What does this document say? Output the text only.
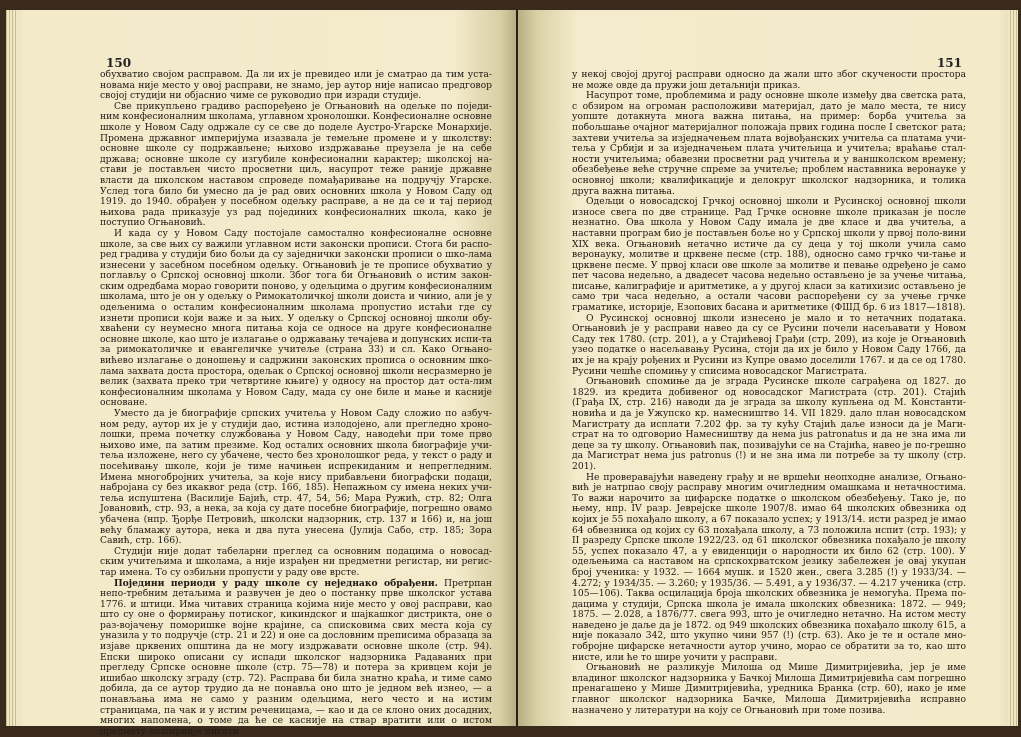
150

обухватио својом расправом. Да ли их је превидео или је сматрао да тим уста-новама није место у овој расправи, не знамо, јер аутор није написао предговор својој студији ни објаснио чиме се руководио при изради студије.

Све прикупљено градиво распоређено је Огњановић на одељке по поједи-ним конфесионалним школама, углавном хронолошки. Конфесионалне основне школе у Новом Саду одржале су се све до поделе Аустро-Угарске Монархије. Промена државног империјума изазвала је темељне промене и у школству: основне школе су подржављене; њихово издржавање преузела је на себе држава; основне школе су изгубиле конфесионални карактер; школској на-стави је постављен чисто просветни циљ, насупрот теже ранијe државне власти да школском наставом спроведе помађаривање на подручју Угарске. Услед тога било би умесно да је рад ових основних школа у Новом Саду од 1919. до 1940. обрађен у посебном одељку расправе, а не да се и тај период њихова рада приказује уз рад појединих конфесионалних школа, како је поступио Огњановић.

И када су у Новом Саду постојале самостално конфесионалне основне школе, за све њих су важили углавном исти законски прописи. Стога би распо-ред градива у студији био бољи да су заједнички законски прописи о шко-лама изнесени у засебном посебном одељку. Огњановић је те прописе обухватио у поглављу о Српској основној школи. Због тога би Огњановић о истим закон-ским одредбама морао говорити поново, у одељцима о другим конфесионалним школама, што је он у одељку о Римокатоличкој школи доиста и чинио, али је у одељенима о осталим конфесионалним школама пропустио истаћи где су изнети прописи који важе и за њих. У одељку о Српској основној школи обу-хваћени су неумесно многа питања која се односе на друге конфесионалне основне школе, као што је излагање о одржавању течајева и допунских испи-та за римокатоличке и евангеличке учитеље (страна 33) и сл. Како Огњано-вићево излагање о доношењу и садржини законских прописа о основним шко-лама захвата доста простора, одељак о Српској основној школи несразмерно је велик (захвата преко три четвртине књиге) у односу на простор дат оста-лим конфесионалним школама у Новом Саду, мада су оне биле и мање и касније основане.

Уместо да је биографије српских учитеља у Новом Саду сложио по азбуч-ном реду, аутор их је у студији дао, истина излодојено, али прегледно хроно-лошки, према почетку службовања у Новом Саду, наводећи при томе прво њихово име, па затим презиме. Код осталих основних школа биографије учи-теља изложене, него су убачене, често без хронолошког реда, у текст о раду и посећивању школе, који је тиме начињен испрекиданим и непрегледним. Имена многобројних учитеља, за које нису прибављени биографски подаци, набројана су без икаквог реда (стр. 166, 185). Непажњом су имена неких учи-теља испуштена (Василије Бајић, стр. 47, 54, 56; Мара Ружић, стр. 82; Олга Јовановић, стр. 93, а нека, за која су дате посебне биографије, погрешно овамо убачена (нпр. Ђорђе Петровић, школски надзорник, стр. 137 и 166) и, на још већу бламажу аутора, нека и два пута унесена (Јулија Сабо, стр. 185; Зора Савић, стр. 166).

Студији није додат табеларни преглед са основним подацима о новосад-ским учитељима и школама, а није израђен ни предметни регистар, ни регис-тар имена. То су озбиљни пропусти у раду ове врсте.

Поједини периоди у раду школе су неједнако обрађени. Претрпан непо-требним детаљима и развучен је део о постанку прве школског устава 1776. и штици. Има читавих страница којима није место у овој расправи, као што су оне о формирању потиског, кикиндског и шајкашког дистрикта, оне о раз-војачењу поморишке војне крајине, са списковима свих места која су уназила у то подручје (стр. 21 и 22) и оне са дословним преписима образаца за изјаве црквених општина да не могу издржавати основне школе (стр. 94). Епски широко описани су испади школског надзорника Радаваних при прегледу Српске основне школе (стр. 75—78) и потера за кривцем који је ишибао школску зграду (стр. 72). Расправа би била знатно краћа, и тиме само добила, да се аутор трудио да не понавља оно што је једном већ изнео, — а понављања има не само у разним одељцима, него честo и на истим страницама, па чак и у истим реченицама, — као и да се клоно оних досадних, многих напомена, о томе да ће се касније на ствар вратити или о истом предмету опширније писати

151

у некој својој другој расправи односно да жали што због скучености простора не може овде да пружи још детаљнији приказ.

Насупрот томе, проблемима и раду основне школе између два светска рата, с обзиром на огроман расположиви материјал, дато је мало места, те нису уопште дотакнута многа важна питања, на пример: борба учитеља за побољшање очајног материјалног положаја првих година после I светског рата; захтеви учитеља за изједначењем плата војвођанских учитеља са платама учи-теља у Србији и за изједначењем плата учитељица и учитеља; враћање стал-ности учитељима; обавезни просветни рад учитеља и у ваншколском времену; обезбеђење веће стручне спреме за учитеље; проблем наставника веронауке у основној школи; квалификације и делокруг школског надзорника, и толика друга важна питања.

Одељци о новосадској Грчкој основној школи и Русинској основној школи износе свега по две странице. Рад Грчке основне школе приказан је после незнатно. Ова школа у Новом Саду имала је две класе и два учитеља, а наставни програм био је постављен боље но у Српској школи у првој поло-вини XIX века. Огњановић нетачно истиче да су деца у тој школи учила само веронауку, молитве и црквене песме (стр. 188), односно само грчко чи-тање и црквене песме. У првој класи ове школе за молитве и певање одређено је само пет часова недељно, а двадесет часова недељно остављено је за учење читања, писање, калиграфије и аритметике, а у другој класи за катихизис остављено је само три часа недељно, а остали часови распоређени су за учење грчке граматике, историје, Езопових басана и аритметике (ФШД бр. 6 из 1817—1818).

О Русинској основној школи изнесено је мало и то нетачних података. Огњановић је у расправи навео да су се Русини почели насељавати у Новом Саду тек 1780. (стр. 201), а у Стајићевој Грађи (стр. 209), из које је Огњановић узео податке о насељавању Русина, стоји да их је било у Новом Саду 1766, да их је на крају рођених и Русини из Купре овамо доселили 1767. и да се од 1780. Русини чешће спомињу у списима новосадског Магистрата.

Огњановић спомиње да је зграда Русинске школе саграђена од 1827. до 1829. из кредита добивеног од новосадског Магистрата (стр. 201). Стајић (Грађа IX, стр. 216) наводи да је зграда за школу купљена од М. Константи-новића и да је Ужупско кр. намесништво 14. VII 1829. дало план новосадском Магистрату да исплати 7.202 фр. за ту кућу Стајић даље износи да је Маги-страт на то одговорио Намесништву да нема jus patronatus и да не зна има ли деце за ту школу. Огњановић пак, позивајући се на Стајића, навео је по-грешно да Магистрат нема jus patronus (!) и не зна има ли потребе за ту школу (стр. 201).

Не проверавајући наведену грађу и не вршећи неопходне анализе, Огњано-вић је натрпао своју расправу многим очигледним омашкама и нетачностима. То важи нарочито за цифарске податке о школском обезбеђењу. Тако је, по њему, нпр. IV разр. Јеврејске школе 1907/8. имао 64 школских обвезника од којих је 55 похађало школу, а 67 показало успех; у 1913/14. исти разред је имао 64 обвезника од којих су 63 похађала школу, а 73 положила испит (стр. 193); у II разреду Српске школе 1922/23. од 61 школског обвезника похађало је школу 55, успех показало 47, а у евиденцији о народности их било 62 (стр. 100). У одељењима са наставом на српскохрватском језику забележен је овај укупан број ученика: у 1932. — 1664 мушк. и 1520 жен., свега 3.285 (!) у 1933/34. — 4.272; у 1934/35. — 3.260; у 1935/36. — 5.491, а у 1936/37. — 4.217 ученика (стр. 105—106). Таква осцилација броја школских обвезника је немогућа. Према по-дацима у студији, Српска школа је имала школских обвезника: 1872. — 949; 1875. — 2.028, а 1876/77. свега 993, што је очигледно нетачно. На истом месту наведено је даље да је 1872. од 949 школских обвезника похађало школу 615, а није показало 342, што укупно чини 957 (!) (стр. 63). Ако је те и остале мно-гобројне цифарске нетачности аутор учино, морао се обратити за то, као што нисте, или ће то шире уочити у расправи.

Огњановић не разликује Милоша од Мише Димитријевића, јер је име владиног школског надзорника у Бачкој Милоша Димитријевића сам погрешно пренагашено у Мише Димитријевића, уредника Бранкa (стр. 60), иако је име главног школског надзорника Бачке, Милоша Димитријевића исправно назначено у литератури на коју се Огњановић при томе позива.
